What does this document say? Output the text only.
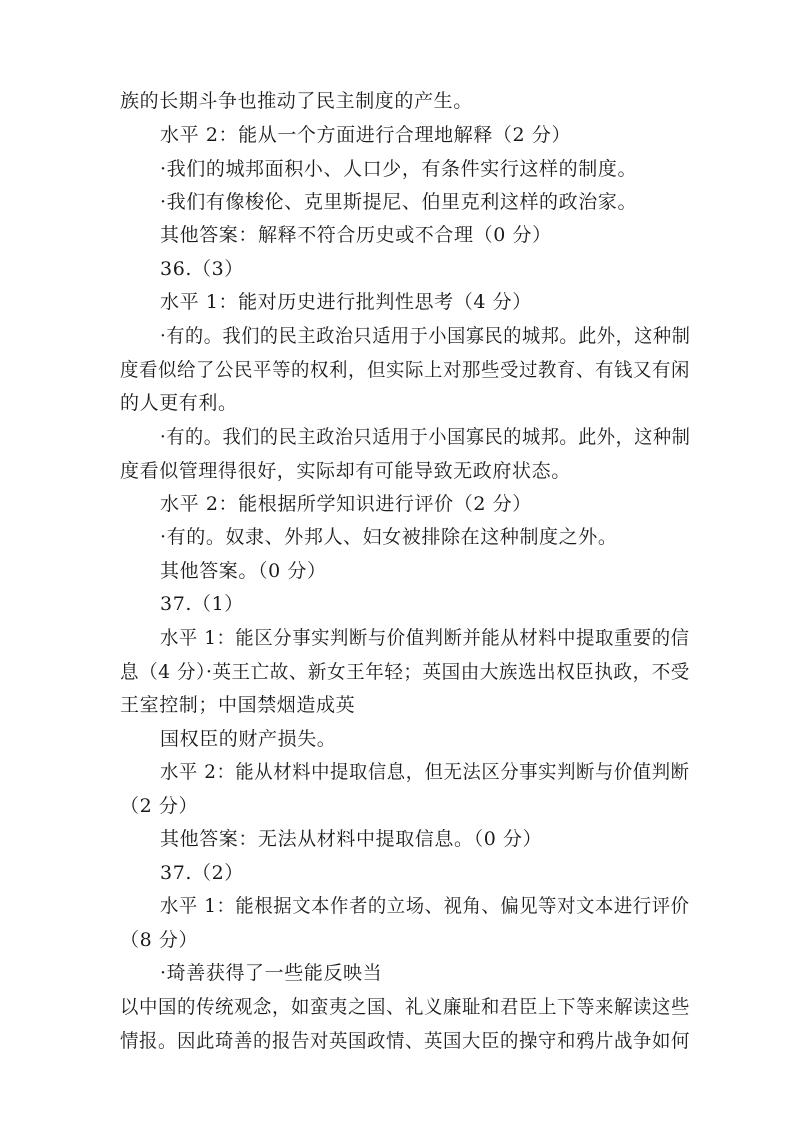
族的长期斗争也推动了民主制度的产生。
水平 2：能从一个方面进行合理地解释（2 分）
·我们的城邦面积小、人口少，有条件实行这样的制度。
·我们有像梭伦、克里斯提尼、伯里克利这样的政治家。
其他答案：解释不符合历史或不合理（0 分）
36.（3）
水平 1：能对历史进行批判性思考（4 分）
·有的。我们的民主政治只适用于小国寡民的城邦。此外，这种制
度看似给了公民平等的权利，但实际上对那些受过教育、有钱又有闲
的人更有利。
·有的。我们的民主政治只适用于小国寡民的城邦。此外，这种制
度看似管理得很好，实际却有可能导致无政府状态。
水平 2：能根据所学知识进行评价（2 分）
·有的。奴隶、外邦人、妇女被排除在这种制度之外。
其他答案。（0 分）
37.（1）
水平 1：能区分事实判断与价值判断并能从材料中提取重要的信
息（4 分）·英王亡故、新女王年轻；英国由大族选出权臣执政，不受
王室控制；中国禁烟造成英
国权臣的财产损失。
水平 2：能从材料中提取信息，但无法区分事实判断与价值判断
（2 分）
其他答案：无法从材料中提取信息。（0 分）
37.（2）
水平 1：能根据文本作者的立场、视角、偏见等对文本进行评价
（8 分）
·琦善获得了一些能反映当
以中国的传统观念，如蛮夷之国、礼义廉耻和君臣上下等来解读这些
情报。因此琦善的报告对英国政情、英国大臣的操守和鸦片战争如何
